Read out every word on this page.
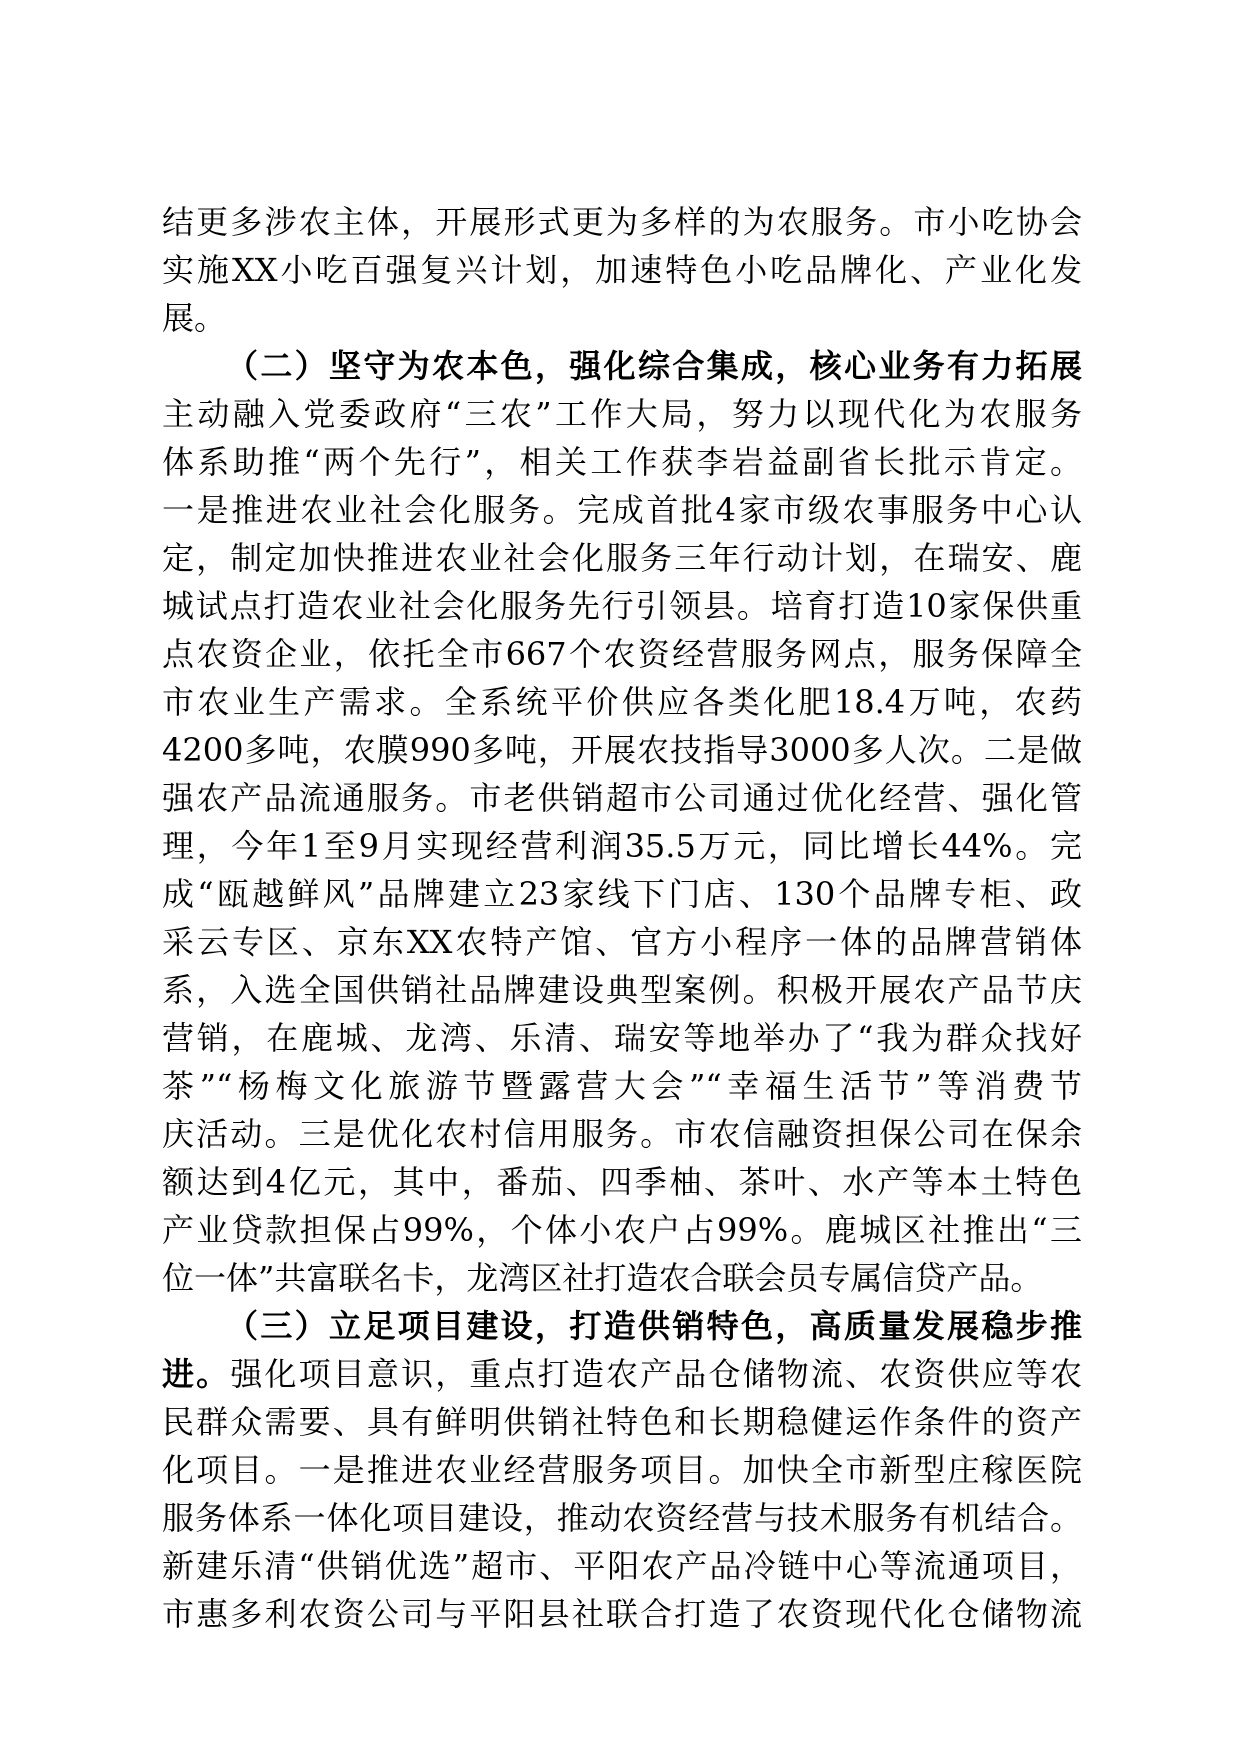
结更多涉农主体，开展形式更为多样的为农服务。市小吃协会
实施XX小吃百强复兴计划，加速特色小吃品牌化、产业化发
展。
（二）坚守为农本色，强化综合集成，核心业务有力拓展
主动融入党委政府“三农”工作大局，努力以现代化为农服务
体系助推“两个先行”，相关工作获李岩益副省长批示肯定。
一是推进农业社会化服务。完成首批4家市级农事服务中心认
定，制定加快推进农业社会化服务三年行动计划，在瑞安、鹿
城试点打造农业社会化服务先行引领县。培育打造10家保供重
点农资企业，依托全市667个农资经营服务网点，服务保障全
市农业生产需求。全系统平价供应各类化肥18.4万吨，农药
4200多吨，农膜990多吨，开展农技指导3000多人次。二是做
强农产品流通服务。市老供销超市公司通过优化经营、强化管
理，今年1至9月实现经营利润35.5万元，同比增长44%。完
成“瓯越鲜风”品牌建立23家线下门店、130个品牌专柜、政
采云专区、京东XX农特产馆、官方小程序一体的品牌营销体
系，入选全国供销社品牌建设典型案例。积极开展农产品节庆
营销，在鹿城、龙湾、乐清、瑞安等地举办了“我为群众找好
茶”“杨梅文化旅游节暨露营大会”“幸福生活节”等消费节
庆活动。三是优化农村信用服务。市农信融资担保公司在保余
额达到4亿元，其中，番茄、四季柚、茶叶、水产等本土特色
产业贷款担保占99%，个体小农户占99%。鹿城区社推出“三
位一体”共富联名卡，龙湾区社打造农合联会员专属信贷产品。
（三）立足项目建设，打造供销特色，高质量发展稳步推
进。强化项目意识，重点打造农产品仓储物流、农资供应等农
民群众需要、具有鲜明供销社特色和长期稳健运作条件的资产
化项目。一是推进农业经营服务项目。加快全市新型庄稼医院
服务体系一体化项目建设，推动农资经营与技术服务有机结合。
新建乐清“供销优选”超市、平阳农产品冷链中心等流通项目，
市惠多利农资公司与平阳县社联合打造了农资现代化仓储物流
